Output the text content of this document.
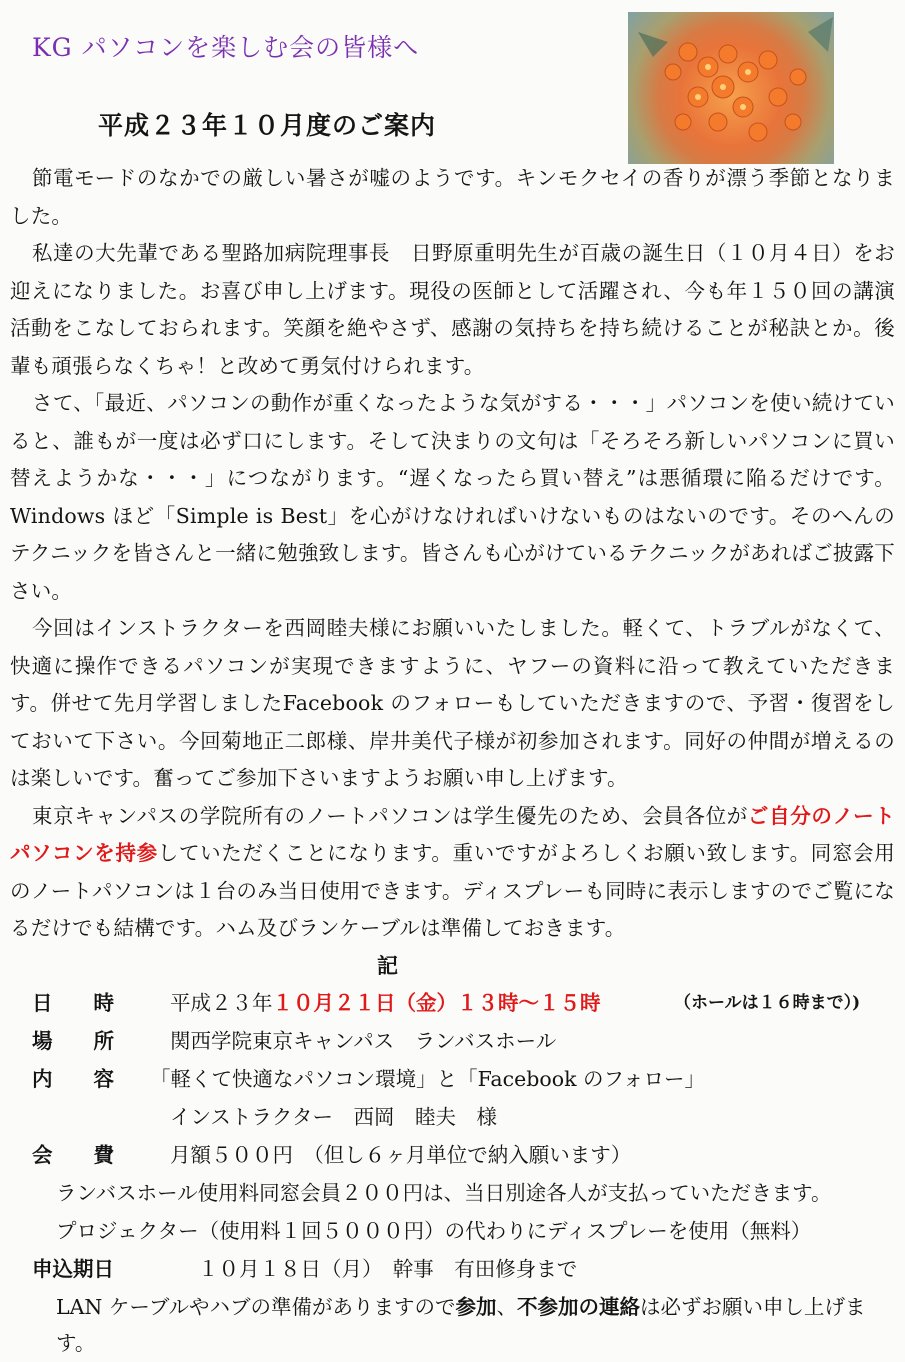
KG パソコンを楽しむ会の皆様へ
平成２３年１０月度のご案内

節電モードのなかでの厳しい暑さが嘘のようです。キンモクセイの香りが漂う季節となりました。

私達の大先輩である聖路加病院理事長　日野原重明先生が百歳の誕生日（１０月４日）をお迎えになりました。お喜び申し上げます。現役の医師として活躍され、今も年１５０回の講演活動をこなしておられます。笑顔を絶やさず、感謝の気持ちを持ち続けることが秘訣とか。後輩も頑張らなくちゃ！と改めて勇気付けられます。

さて、「最近、パソコンの動作が重くなったような気がする・・・」パソコンを使い続けていると、誰もが一度は必ず口にします。そして決まりの文句は「そろそろ新しいパソコンに買い替えようかな・・・」につながります。“遅くなったら買い替え”は悪循環に陥るだけです。Windows ほど「Simple is Best」を心がけなければいけないものはないのです。そのへんのテクニックを皆さんと一緒に勉強致します。皆さんも心がけているテクニックがあればご披露下さい。

今回はインストラクターを西岡睦夫様にお願いいたしました。軽くて、トラブルがなくて、快適に操作できるパソコンが実現できますように、ヤフーの資料に沿って教えていただきます。併せて先月学習しましたFacebook のフォローもしていただきますので、予習・復習をしておいて下さい。今回菊地正二郎様、岸井美代子様が初参加されます。同好の仲間が増えるのは楽しいです。奮ってご参加下さいますようお願い申し上げます。

東京キャンパスの学院所有のノートパソコンは学生優先のため、会員各位がご自分のノートパソコンを持参していただくことになります。重いですがよろしくお願い致します。同窓会用のノートパソコンは１台のみ当日使用できます。ディスプレーも同時に表示しますのでご覧になるだけでも結構です。ハム及びランケーブルは準備しておきます。

記
日　　時	平成２３年１０月２１日（金）１３時～１５時	（ホールは１６時まで）)
場　　所	関西学院東京キャンパス　ランバスホール
内　　容 「軽くて快適なパソコン環境」と「Facebook のフォロー」
インストラクター　西岡　睦夫　様
会　　費	月額５００円　（但し６ヶ月単位で納入願います）
ランバスホール使用料同窓会員２００円は、当日別途各人が支払っていただきます。
プロジェクター（使用料１回５０００円）の代わりにディスプレーを使用（無料）
申込期日	１０月１８日（月）　幹事　有田修身まで
LAN ケーブルやハブの準備がありますので参加、不参加の連絡は必ずお願い申し上げます。
